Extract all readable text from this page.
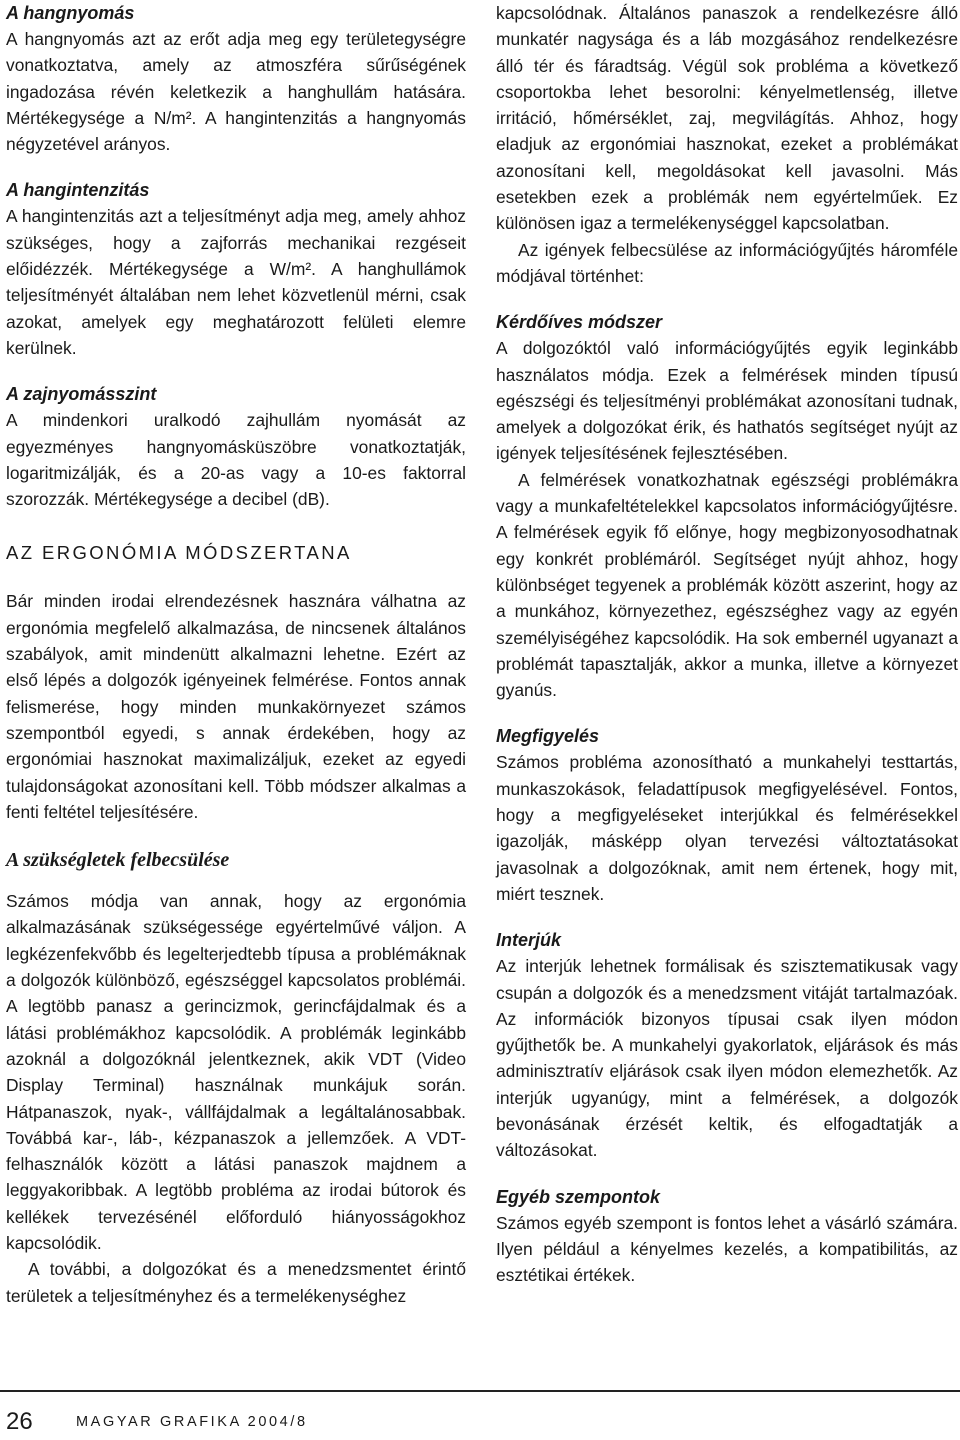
A hangnyomás

A hangnyomás azt az erőt adja meg egy területegységre vonatkoztatva, amely az atmoszféra sűrűségének ingadozása révén keletkezik a hanghullám hatására. Mértékegysége a N/m². A hangintenzitás a hangnyomás négyzetével arányos.

A hangintenzitás

A hangintenzitás azt a teljesítményt adja meg, amely ahhoz szükséges, hogy a zajforrás mechanikai rezgéseit előidézzék. Mértékegysége a W/m². A hanghullámok teljesítményét általában nem lehet közvetlenül mérni, csak azokat, amelyek egy meghatározott felületi elemre kerülnek.

A zajnyomásszint

A mindenkori uralkodó zajhullám nyomását az egyezményes hangnyomásküszöbre vonatkoztatják, logaritmizálják, és a 20-as vagy a 10-es faktorral szorozzák. Mértékegysége a decibel (dB).

AZ ERGONÓMIA MÓDSZERTANA

Bár minden irodai elrendezésnek hasznára válhatna az ergonómia megfelelő alkalmazása, de nincsenek általános szabályok, amit mindenütt alkalmazni lehetne. Ezért az első lépés a dolgozók igényeinek felmérése. Fontos annak felismerése, hogy minden munkakörnyezet számos szempontból egyedi, s annak érdekében, hogy az ergonómiai hasznokat maximalizáljuk, ezeket az egyedi tulajdonságokat azonosítani kell. Több módszer alkalmas a fenti feltétel teljesítésére.

A szükségletek felbecsülése

Számos módja van annak, hogy az ergonómia alkalmazásának szükségessége egyértelművé váljon. A legkézenfekvőbb és legelterjedtebb típusa a problémáknak a dolgozók különböző, egészséggel kapcsolatos problémái. A legtöbb panasz a gerincizmok, gerincfájdalmak és a látási problémákhoz kapcsolódik. A problémák leginkább azoknál a dolgozóknál jelentkeznek, akik VDT (Video Display Terminal) használnak munkájuk során. Hátpanaszok, nyak-, vállfájdalmak a legáltalánosabbak. Továbbá kar-, láb-, kézpanaszok a jellemzőek. A VDT-felhasználók között a látási panaszok majdnem a leggyakoribbak. A legtöbb probléma az irodai bútorok és kellékek tervezésénél előforduló hiányosságokhoz kapcsolódik.

A további, a dolgozókat és a menedzsmentet érintő területek a teljesítményhez és a termelékenységhez

kapcsolódnak. Általános panaszok a rendelkezésre álló munkatér nagysága és a láb mozgásához rendelkezésre álló tér és fáradtság. Végül sok probléma a következő csoportokba lehet besorolni: kényelmetlenség, illetve irritáció, hőmérséklet, zaj, megvilágítás. Ahhoz, hogy eladjuk az ergonómiai hasznokat, ezeket a problémákat azonosítani kell, megoldásokat kell javasolni. Más esetekben ezek a problémák nem egyértelműek. Ez különösen igaz a termelékenységgel kapcsolatban.

Az igények felbecsülése az információgyűjtés háromféle módjával történhet:

Kérdőíves módszer

A dolgozóktól való információgyűjtés egyik leginkább használatos módja. Ezek a felmérések minden típusú egészségi és teljesítményi problémákat azonosítani tudnak, amelyek a dolgozókat érik, és hathatós segítséget nyújt az igények teljesítésének fejlesztésében.

A felmérések vonatkozhatnak egészségi problémákra vagy a munkafeltételekkel kapcsolatos információgyűjtésre. A felmérések egyik fő előnye, hogy megbizonyosodhatnak egy konkrét problémáról. Segítséget nyújt ahhoz, hogy különbséget tegyenek a problémák között aszerint, hogy az a munkához, környezethez, egészséghez vagy az egyén személyiségéhez kapcsolódik. Ha sok embernél ugyanazt a problémát tapasztalják, akkor a munka, illetve a környezet gyanús.

Megfigyelés

Számos probléma azonosítható a munkahelyi testtartás, munkaszokások, feladattípusok megfigyelésével. Fontos, hogy a megfigyeléseket interjúkkal és felmérésekkel igazolják, másképp olyan tervezési változtatásokat javasolnak a dolgozóknak, amit nem értenek, hogy mit, miért tesznek.

Interjúk

Az interjúk lehetnek formálisak és szisztematikusak vagy csupán a dolgozók és a menedzsment vitáját tartalmazóak. Az információk bizonyos típusai csak ilyen módon gyűjthetők be. A munkahelyi gyakorlatok, eljárások és más adminisztratív eljárások csak ilyen módon elemezhetők. Az interjúk ugyanúgy, mint a felmérések, a dolgozók bevonásának érzését keltik, és elfogadtatják a változásokat.

Egyéb szempontok

Számos egyéb szempont is fontos lehet a vásárló számára. Ilyen például a kényelmes kezelés, a kompatibilitás, az esztétikai értékek.

26	MAGYAR GRAFIKA 2004/8
